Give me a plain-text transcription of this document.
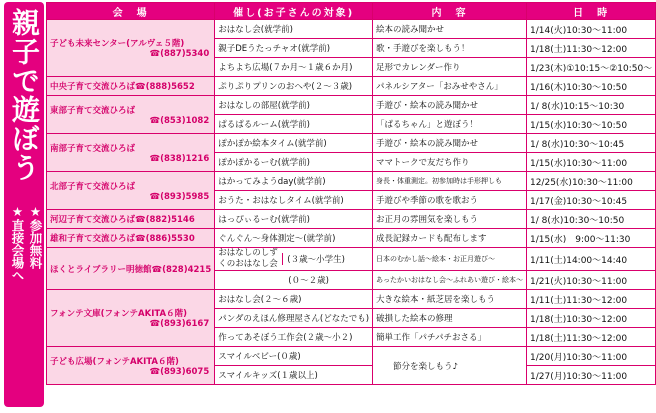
親子で遊ぼう
★参加無料
★直接会場へ
会　場	催し(お子さんの対象)	内　容	日　時
子ども未来センター(アルヴェ５階)
☎(887)5340	おはなし会(就学前)	絵本の読み聞かせ	1/14(火)10:30～11:00
	親子DEうたっチャオ(就学前)	歌・手遊びを楽しもう！	1/18(土)11:30～12:00
	よちよち広場(７か月～１歳６か月)	足形でカレンダー作り	1/23(木)①10:15～②10:50～
中央子育て交流ひろば☎(888)5652	ぷりぷりプリンのおへや(２～３歳)	パネルシアター「おみせやさん」	1/16(木)10:30～10:50
東部子育て交流ひろば
☎(853)1082	おはなしの部屋(就学前)	手遊び・絵本の読み聞かせ	1/ 8(水)10:15～10:30
	ぱるぱるルーム(就学前)	「ぱるちゃん」と遊ぼう！	1/15(水)10:30～10:50
南部子育て交流ひろば
☎(838)1216	ぽかぽか絵本タイム(就学前)	手遊び・絵本の読み聞かせ	1/ 8(水)10:30～10:45
	ぽかぽかるーむ(就学前)	ママトークで友だち作り	1/15(水)10:30～11:00
北部子育て交流ひろば
☎(893)5985	はかってみようday(就学前)	身長・体重測定。初参加時は手形押しも	12/25(水)10:30～11:00
	おうた・おはなしタイム(就学前)	手遊びや季節の歌を歌おう	1/17(金)10:30～10:45
河辺子育て交流ひろば☎(882)5146	はっぴぃるーむ(就学前)	お正月の雰囲気を楽しもう	1/ 8(水)10:30～10:50
雄和子育て交流ひろば☎(886)5530	ぐんぐん～身体測定～(就学前)	成長記録カードも配布します	1/15(水)　9:00～11:30
ほくとライブラリー明徳館☎(828)4215	おはなしのしずくのおはなし会 (３歳～小学生)	日本のむかし話～絵本・お正月遊び～	1/11(土)14:00～14:40

	(０～２歳)	あったかいおはなし会～ふれあい遊び・絵本～	1/21(火)10:30～11:00
フォンテ文庫(フォンテAKITA６階)
☎(893)6167	おはなし会(２～６歳)	大きな絵本・紙芝居を楽しもう	1/11(土)11:30～12:00
	パンダのえほん修理屋さん(どなたでも)	破損した絵本の修理	1/18(土)10:30～12:00
	作ってあそぼう工作会(２歳～小２)	簡単工作「パチパチおさる」	1/18(土)11:30～12:00
子ども広場(フォンテAKITA６階)
☎(893)6075	スマイルベビー(０歳)	節分を楽しもう♪	1/20(月)10:30～11:00
	スマイルキッズ(１歳以上)		1/27(月)10:30～11:00
